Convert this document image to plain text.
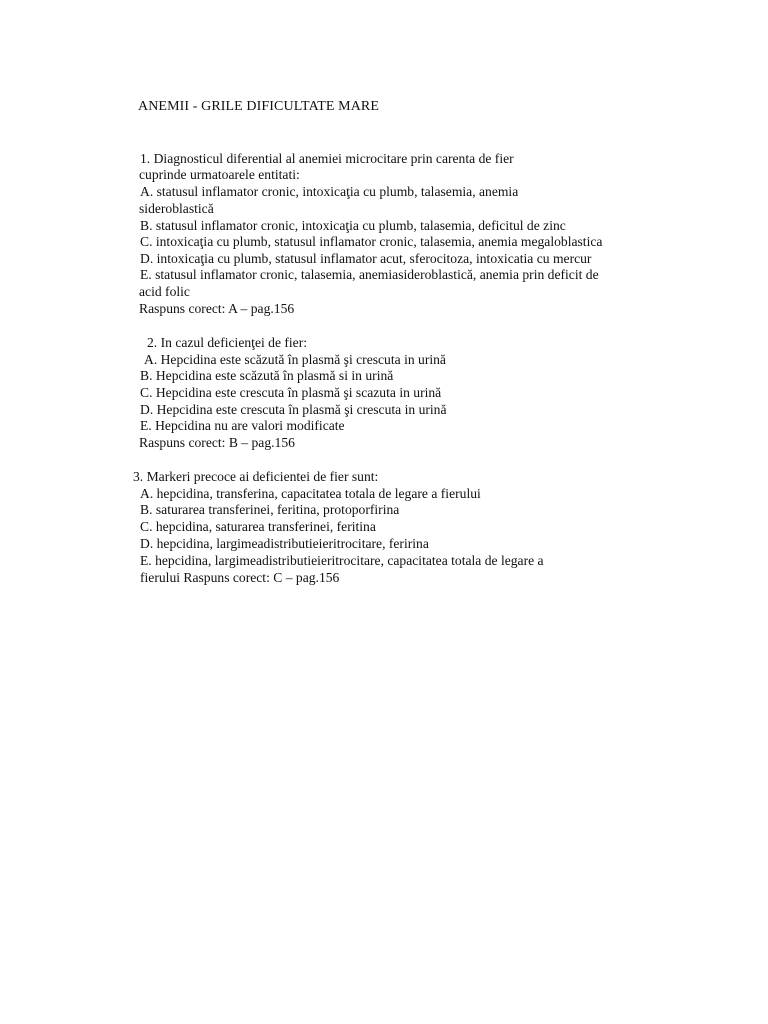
ANEMII - GRILE DIFICULTATE MARE
1. Diagnosticul diferential al anemiei microcitare prin carenta de fier
cuprinde urmatoarele entitati:
A. statusul inflamator cronic, intoxicaţia cu plumb, talasemia, anemia
sideroblastică
B. statusul inflamator cronic, intoxicaţia cu plumb, talasemia, deficitul de zinc
C. intoxicaţia cu plumb, statusul inflamator cronic, talasemia, anemia megaloblastica
D. intoxicaţia cu plumb, statusul inflamator acut, sferocitoza, intoxicatia cu mercur
E. statusul inflamator cronic, talasemia, anemiasideroblastică, anemia prin deficit de
acid folic
Raspuns corect: A – pag.156
2. In cazul deficienţei de fier:
A. Hepcidina este scăzută în plasmă şi crescuta in urină
B. Hepcidina este scăzută în plasmă si in urină
C. Hepcidina este crescuta în plasmă şi scazuta in urină
D. Hepcidina este crescuta în plasmă şi crescuta in urină
E. Hepcidina nu are valori modificate
Raspuns corect: B – pag.156
3. Markeri precoce ai deficientei de fier sunt:
A. hepcidina, transferina, capacitatea totala de legare a fierului
B. saturarea transferinei, feritina, protoporfirina
C. hepcidina, saturarea transferinei, feritina
D. hepcidina, largimeadistributieieritrocitare, feririna
E. hepcidina, largimeadistributieieritrocitare, capacitatea totala de legare a
fierului Raspuns corect: C – pag.156
